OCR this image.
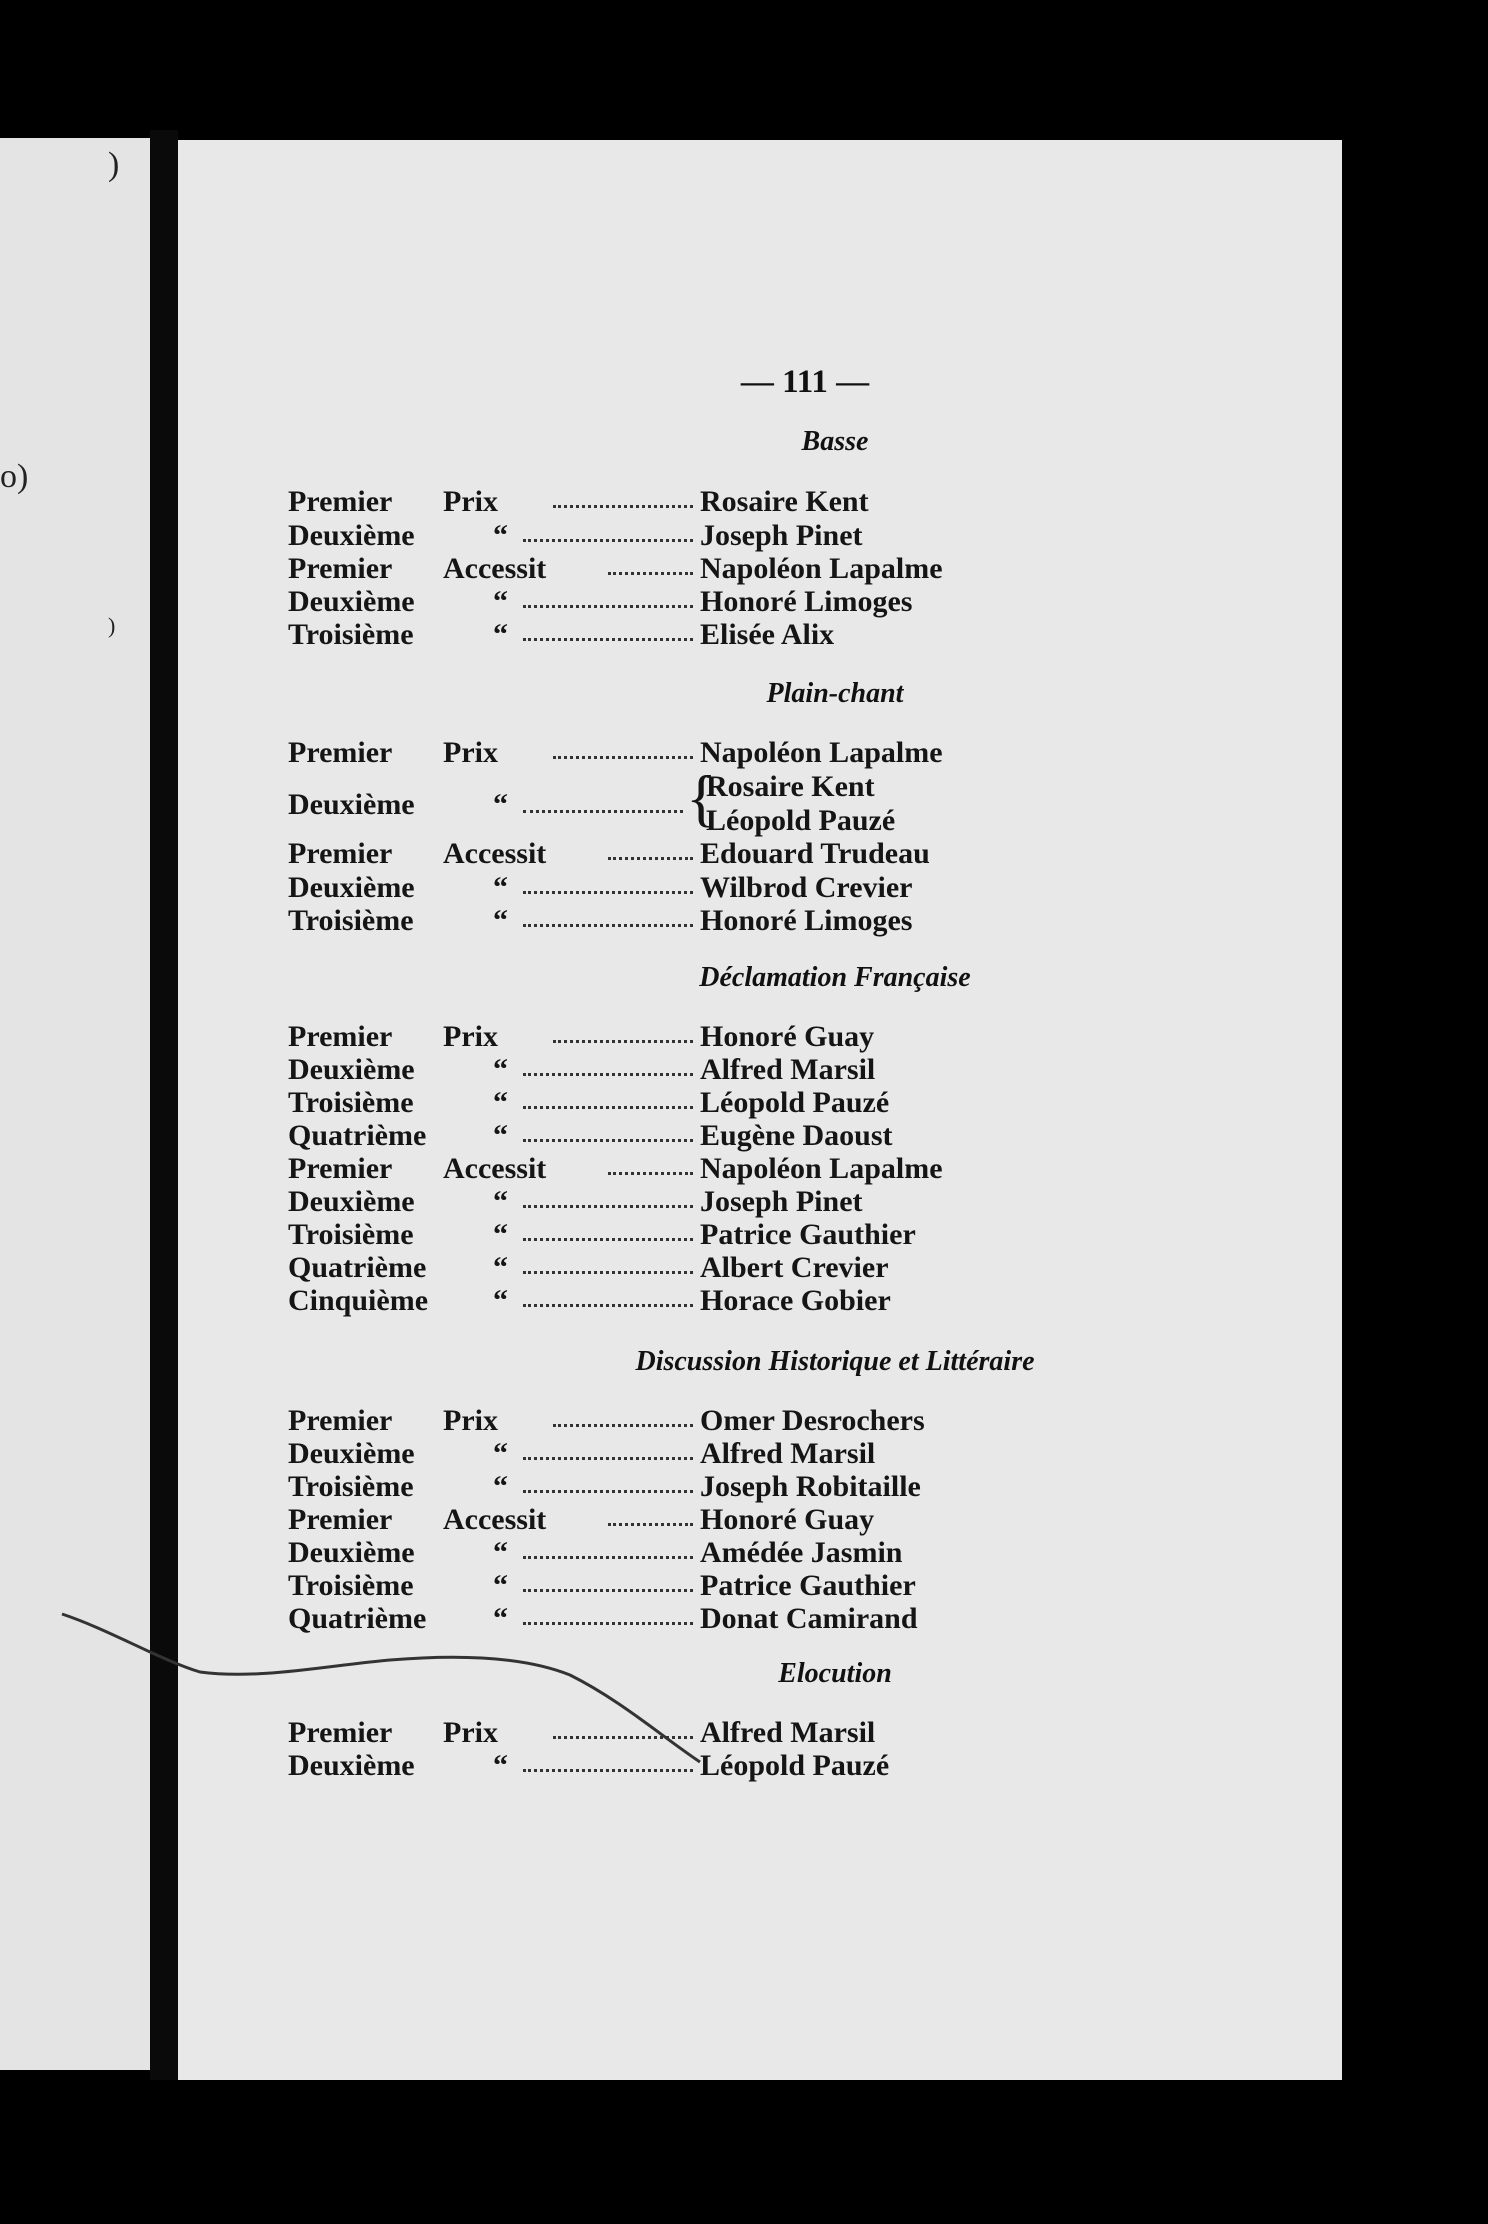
)
o)
)
— 111 —
Basse
Premier Prix	Rosaire Kent
Deuxième	“	Joseph Pinet
Premier Accessit	Napoléon Lapalme
Deuxième	“	Honoré Limoges
Troisième	“	Elisée Alix
Plain-chant
Premier Prix	Napoléon Lapalme
Deuxième	“	{
Rosaire Kent
Léopold Pauzé
Premier Accessit	Edouard Trudeau
Deuxième	“	Wilbrod Crevier
Troisième	“	Honoré Limoges
Déclamation Française
Premier Prix	Honoré Guay
Deuxième	“	Alfred Marsil
Troisième	“	Léopold Pauzé
Quatrième “	Eugène Daoust
Premier Accessit	Napoléon Lapalme
Deuxième	“	Joseph Pinet
Troisième	“	Patrice Gauthier
Quatrième “	Albert Crevier
Cinquième “	Horace Gobier
Discussion Historique et Littéraire
Premier Prix	Omer Desrochers
Deuxième	“	Alfred Marsil
Troisième	“	Joseph Robitaille
Premier Accessit	Honoré Guay
Deuxième	“	Amédée Jasmin
Troisième	“	Patrice Gauthier
Quatrième “	Donat Camirand
Elocution
Premier Prix	Alfred Marsil
Deuxième	“	Léopold Pauzé
